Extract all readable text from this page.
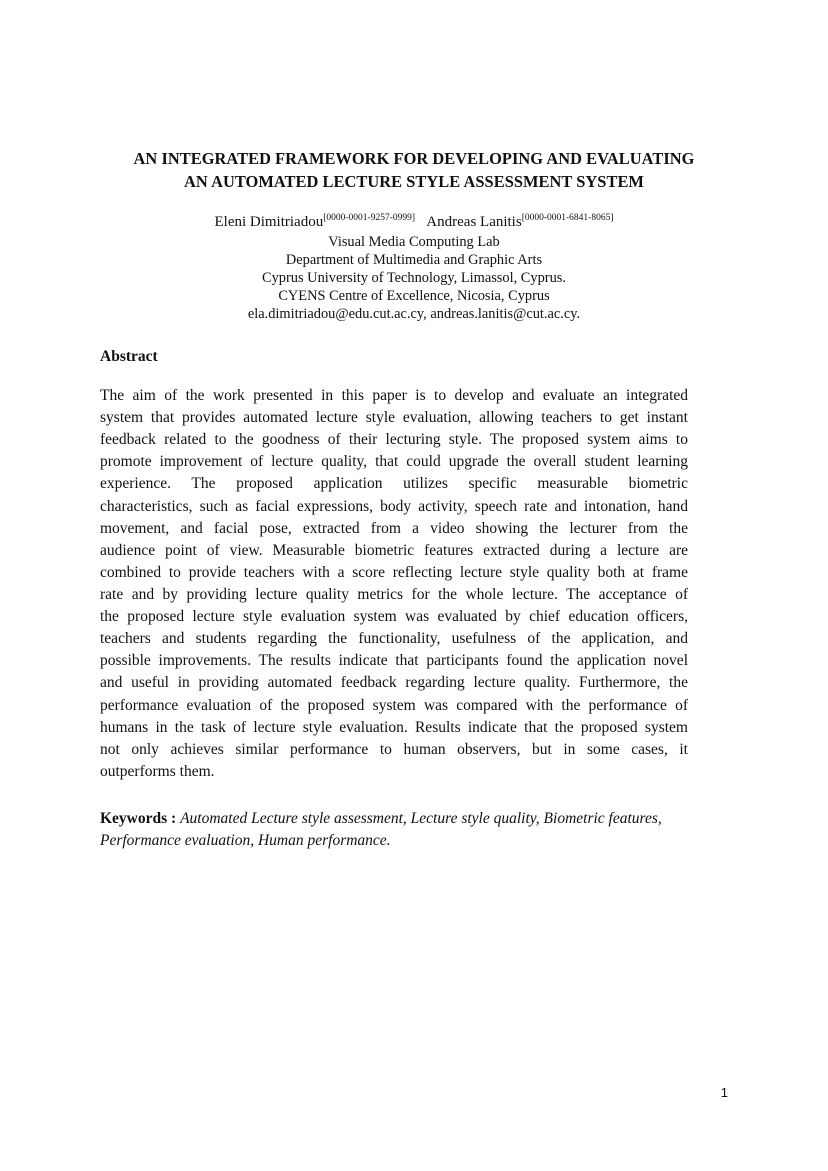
AN INTEGRATED FRAMEWORK FOR DEVELOPING AND EVALUATING
AN AUTOMATED LECTURE STYLE ASSESSMENT SYSTEM
Eleni Dimitriadou[0000-0001-9257-0999] Andreas Lanitis[0000-0001-6841-8065]
Visual Media Computing Lab
Department of Multimedia and Graphic Arts
Cyprus University of Technology, Limassol, Cyprus.
CYENS Centre of Excellence, Nicosia, Cyprus
ela.dimitriadou@edu.cut.ac.cy, andreas.lanitis@cut.ac.cy.
Abstract
The aim of the work presented in this paper is to develop and evaluate an integrated
system that provides automated lecture style evaluation, allowing teachers to get instant
feedback related to the goodness of their lecturing style. The proposed system aims to
promote improvement of lecture quality, that could upgrade the overall student learning
experience. The proposed application utilizes specific measurable biometric
characteristics, such as facial expressions, body activity, speech rate and intonation, hand
movement, and facial pose, extracted from a video showing the lecturer from the
audience point of view. Measurable biometric features extracted during a lecture are
combined to provide teachers with a score reflecting lecture style quality both at frame
rate and by providing lecture quality metrics for the whole lecture. The acceptance of
the proposed lecture style evaluation system was evaluated by chief education officers,
teachers and students regarding the functionality, usefulness of the application, and
possible improvements. The results indicate that participants found the application novel
and useful in providing automated feedback regarding lecture quality. Furthermore, the
performance evaluation of the proposed system was compared with the performance of
humans in the task of lecture style evaluation. Results indicate that the proposed system
not only achieves similar performance to human observers, but in some cases, it
outperforms them.
Keywords : Automated Lecture style assessment, Lecture style quality, Biometric features, Performance evaluation, Human performance.
1
